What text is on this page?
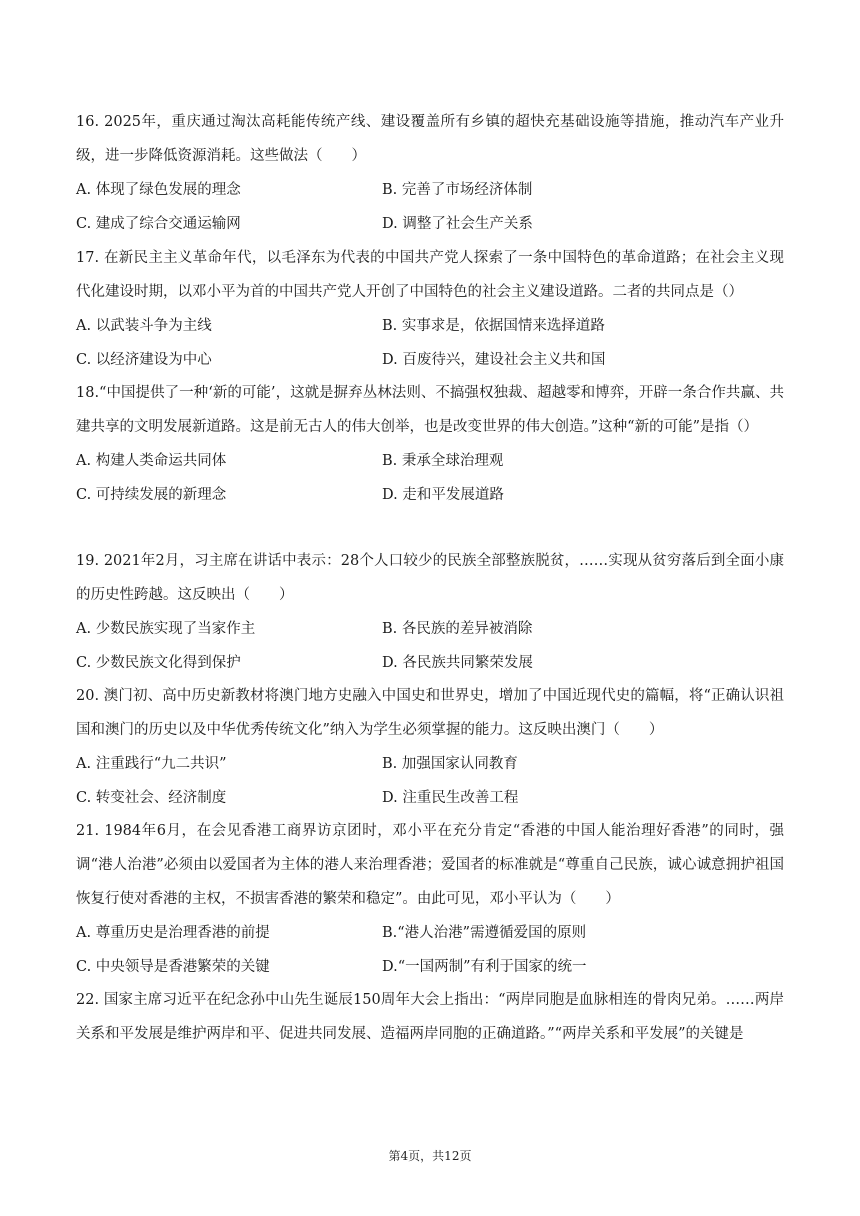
16. 2025年，重庆通过淘汰高耗能传统产线、建设覆盖所有乡镇的超快充基础设施等措施，推动汽车产业升级，进一步降低资源消耗。这些做法（　　）

A. 体现了绿色发展的理念	B. 完善了市场经济体制
C. 建成了综合交通运输网	D. 调整了社会生产关系

17. 在新民主主义革命年代，以毛泽东为代表的中国共产党人探索了一条中国特色的革命道路；在社会主义现代化建设时期，以邓小平为首的中国共产党人开创了中国特色的社会主义建设道路。二者的共同点是（）

A. 以武装斗争为主线	B. 实事求是，依据国情来选择道路
C. 以经济建设为中心	D. 百废待兴，建设社会主义共和国

18.“中国提供了一种‘新的可能’，这就是摒弃丛林法则、不搞强权独裁、超越零和博弈，开辟一条合作共赢、共建共享的文明发展新道路。这是前无古人的伟大创举，也是改变世界的伟大创造。”这种“新的可能”是指（）

A. 构建人类命运共同体	B. 秉承全球治理观
C. 可持续发展的新理念	D. 走和平发展道路

19. 2021年2月，习主席在讲话中表示：28个人口较少的民族全部整族脱贫，……实现从贫穷落后到全面小康的历史性跨越。这反映出（　　）

A. 少数民族实现了当家作主	B. 各民族的差异被消除
C. 少数民族文化得到保护	D. 各民族共同繁荣发展

20. 澳门初、高中历史新教材将澳门地方史融入中国史和世界史，增加了中国近现代史的篇幅，将“正确认识祖国和澳门的历史以及中华优秀传统文化”纳入为学生必须掌握的能力。这反映出澳门（　　）

A. 注重践行“九二共识”	B. 加强国家认同教育
C. 转变社会、经济制度	D. 注重民生改善工程

21. 1984年6月，在会见香港工商界访京团时，邓小平在充分肯定“香港的中国人能治理好香港”的同时，强调“港人治港”必须由以爱国者为主体的港人来治理香港；爱国者的标准就是“尊重自己民族，诚心诚意拥护祖国恢复行使对香港的主权，不损害香港的繁荣和稳定”。由此可见，邓小平认为（　　）

A. 尊重历史是治理香港的前提	B.“港人治港”需遵循爱国的原则
C. 中央领导是香港繁荣的关键	D.“一国两制”有利于国家的统一

22. 国家主席习近平在纪念孙中山先生诞辰150周年大会上指出：“两岸同胞是血脉相连的骨肉兄弟。……两岸关系和平发展是维护两岸和平、促进共同发展、造福两岸同胞的正确道路。”“两岸关系和平发展”的关键是

第4页，共12页
